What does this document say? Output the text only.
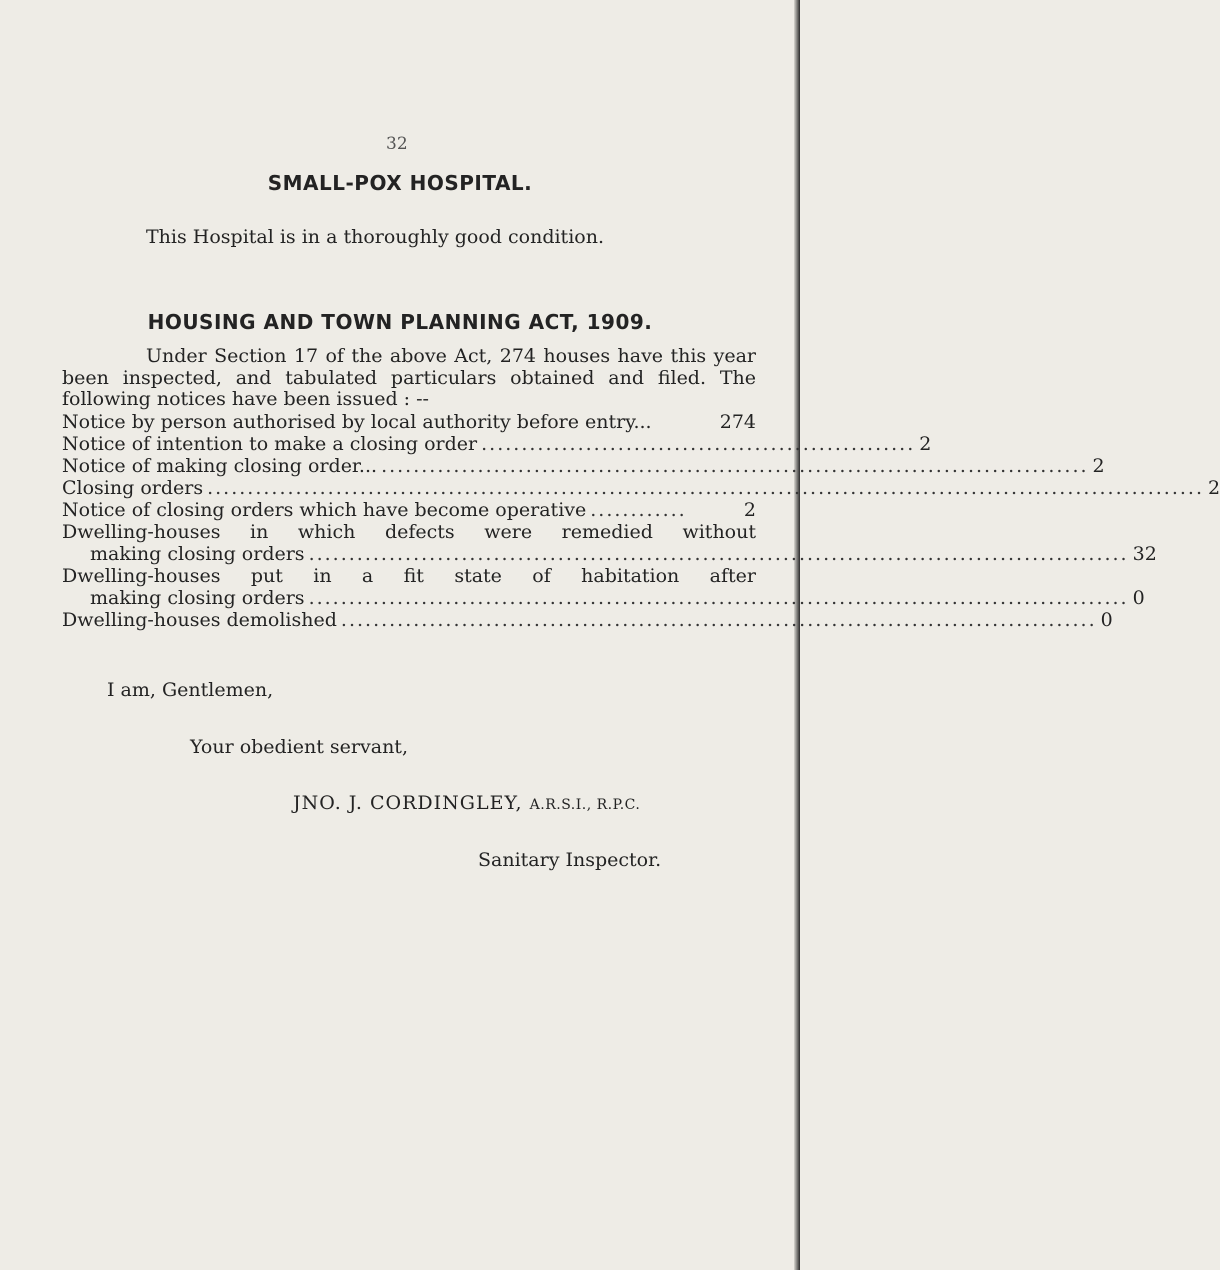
32
SMALL-POX HOSPITAL.
This Hospital is in a thoroughly good condition.
HOUSING AND TOWN PLANNING ACT, 1909.
Under Section 17 of the above Act, 274 houses have this year been inspected, and tabulated particulars obtained and filed. The following notices have been issued : --
Notice by person authorised by local authority before entry...	274
Notice of intention to make a closing order ...................................................... 2
Notice of making closing order... ........................................................................................ 2
Closing orders ............................................................................................................................ 2
Notice of closing orders which have become operative ............	2
Dwelling-houses in which defects were remedied without
making closing orders ...................................................................................................... 32
Dwelling-houses put in a fit state of habitation after
making closing orders ...................................................................................................... 0
Dwelling-houses demolished .............................................................................................. 0
I am, Gentlemen,
Your obedient servant,
JNO. J. CORDINGLEY, A.R.S.I., R.P.C.
Sanitary Inspector.
